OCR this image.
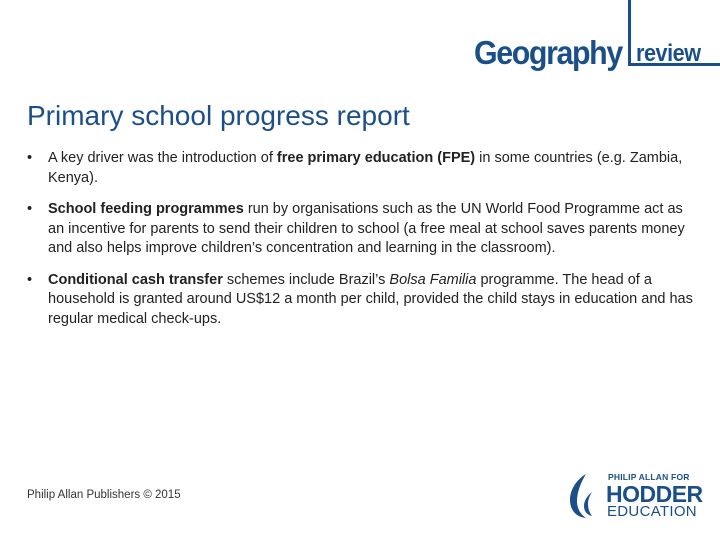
Geography review
Primary school progress report
• A key driver was the introduction of free primary education (FPE) in some countries (e.g. Zambia, Kenya).
• School feeding programmes run by organisations such as the UN World Food Programme act as an incentive for parents to send their children to school (a free meal at school saves parents money and also helps improve children’s concentration and learning in the classroom).
• Conditional cash transfer schemes include Brazil’s Bolsa Familia programme. The head of a household is granted around US$12 a month per child, provided the child stays in education and has regular medical check-ups.
Philip Allan Publishers © 2015
PHILIP ALLAN FOR
HODDER
EDUCATION
